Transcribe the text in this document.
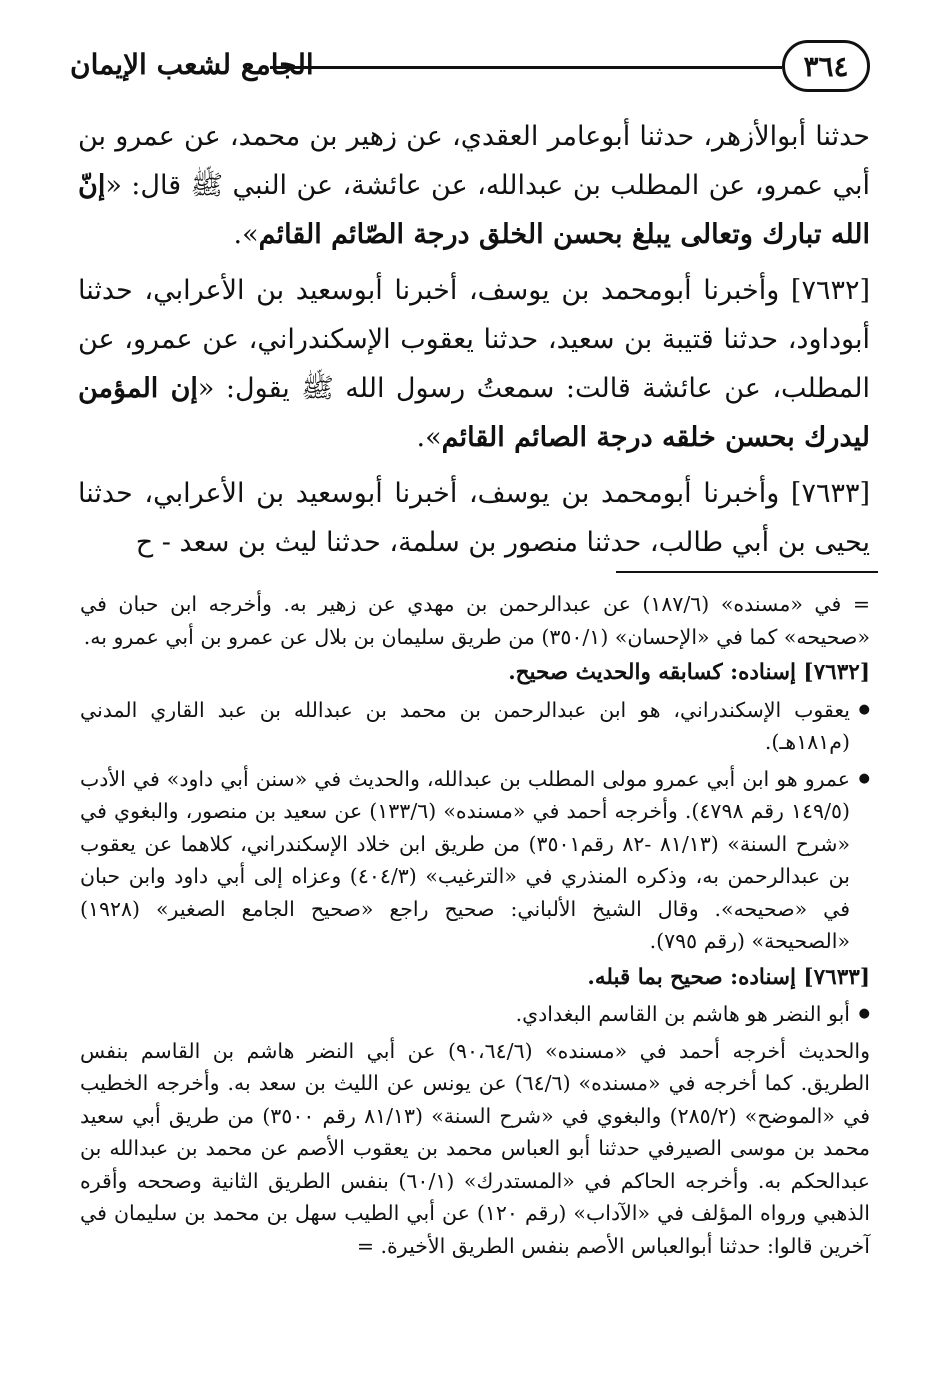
٣٦٤
الجامع لشعب الإيمان

حدثنا أبوالأزهر، حدثنا أبوعامر العقدي، عن زهير بن محمد، عن عمرو بن أبي عمرو، عن المطلب بن عبدالله، عن عائشة، عن النبي ﷺ قال: «إنّ الله تبارك وتعالى يبلغ بحسن الخلق درجة الصّائم القائم».

[٧٦٣٢] وأخبرنا أبومحمد بن يوسف، أخبرنا أبوسعيد بن الأعرابي، حدثنا أبوداود، حدثنا قتيبة بن سعيد، حدثنا يعقوب الإسكندراني، عن عمرو، عن المطلب، عن عائشة قالت: سمعتُ رسول الله ﷺ يقول: «إن المؤمن ليدرك بحسن خلقه درجة الصائم القائم».

[٧٦٣٣] وأخبرنا أبومحمد بن يوسف، أخبرنا أبوسعيد بن الأعرابي، حدثنا يحيى بن أبي طالب، حدثنا منصور بن سلمة، حدثنا ليث بن سعد - ح

= في «مسنده» (١٨٧/٦) عن عبدالرحمن بن مهدي عن زهير به. وأخرجه ابن حبان في «صحيحه» كما في «الإحسان» (٣٥٠/١) من طريق سليمان بن بلال عن عمرو بن أبي عمرو به.

[٧٦٣٢] إسناده: كسابقه والحديث صحيح.

● يعقوب الإسكندراني، هو ابن عبدالرحمن بن محمد بن عبدالله بن عبد القاري المدني (م١٨١هـ).

● عمرو هو ابن أبي عمرو مولى المطلب بن عبدالله، والحديث في «سنن أبي داود» في الأدب (١٤٩/٥ رقم ٤٧٩٨). وأخرجه أحمد في «مسنده» (١٣٣/٦) عن سعيد بن منصور، والبغوي في «شرح السنة» (٨١/١٣ -٨٢ رقم٣٥٠١) من طريق ابن خلاد الإسكندراني، كلاهما عن يعقوب بن عبدالرحمن به، وذكره المنذري في «الترغيب» (٤٠٤/٣) وعزاه إلى أبي داود وابن حبان في «صحيحه». وقال الشيخ الألباني: صحيح راجع «صحيح الجامع الصغير» (١٩٢٨) «الصحيحة» (رقم ٧٩٥).

[٧٦٣٣] إسناده: صحيح بما قبله.

● أبو النضر هو هاشم بن القاسم البغدادي.

والحديث أخرجه أحمد في «مسنده» (٩٠،٦٤/٦) عن أبي النضر هاشم بن القاسم بنفس الطريق. كما أخرجه في «مسنده» (٦٤/٦) عن يونس عن الليث بن سعد به. وأخرجه الخطيب في «الموضح» (٢٨٥/٢) والبغوي في «شرح السنة» (٨١/١٣ رقم ٣٥٠٠) من طريق أبي سعيد محمد بن موسى الصيرفي حدثنا أبو العباس محمد بن يعقوب الأصم عن محمد بن عبدالله بن عبدالحكم به. وأخرجه الحاكم في «المستدرك» (٦٠/١) بنفس الطريق الثانية وصححه وأقره الذهبي ورواه المؤلف في «الآداب» (رقم ١٢٠) عن أبي الطيب سهل بن محمد بن سليمان في آخرين قالوا: حدثنا أبوالعباس الأصم بنفس الطريق الأخيرة. =
